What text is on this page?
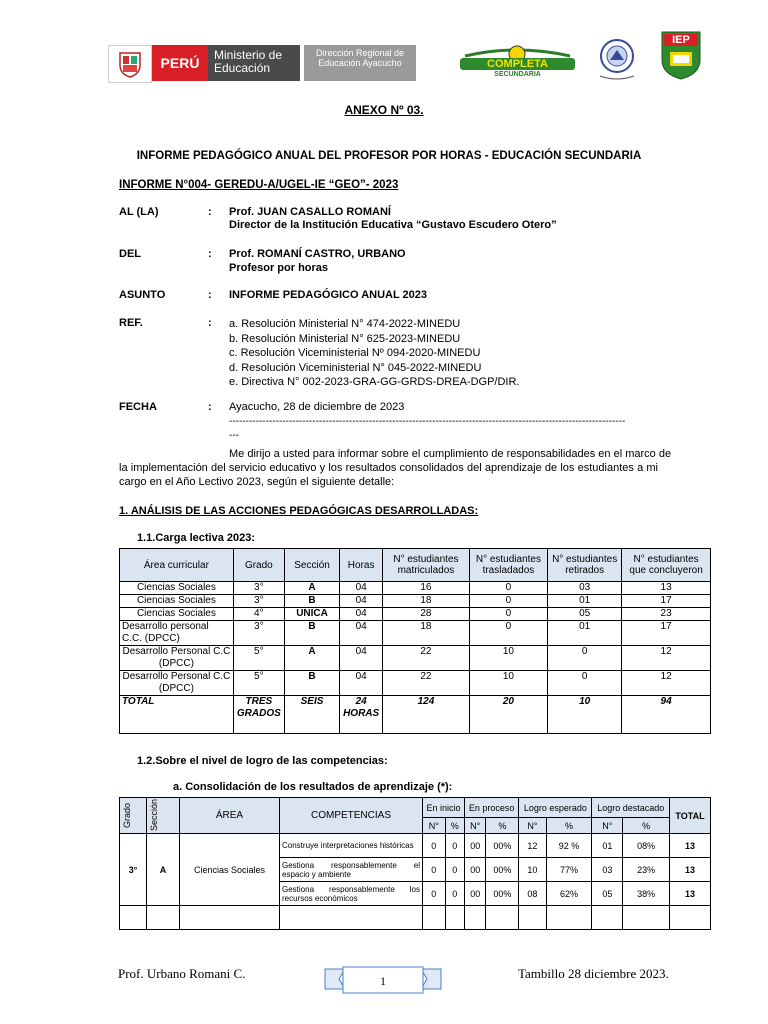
PERÚ	Ministerio de Educación
Dirección Regional de Educación Ayacucho	COMPLETA
SECUNDARIA
IEP
ANEXO Nº 03.
INFORME PEDAGÓGICO ANUAL DEL PROFESOR POR HORAS - EDUCACIÓN SECUNDARIA
INFORME N°004- GEREDU-A/UGEL-IE “GEO”- 2023
AL (LA)	: Prof. JUAN CASALLO ROMANÍ
Director de la Institución Educativa “Gustavo Escudero Otero”
DEL	: Prof. ROMANÍ CASTRO, URBANO
Profesor por horas
ASUNTO	: INFORME PEDAGÓGICO ANUAL 2023
REF.	: a. Resolución Ministerial N° 474-2022-MINEDU
b. Resolución Ministerial N° 625-2023-MINEDU
c. Resolución Viceministerial Nº 094-2020-MINEDU
d. Resolución Viceministerial N° 045-2022-MINEDU
e. Directiva N° 002-2023-GRA-GG-GRDS-DREA-DGP/DIR.
FECHA	: Ayacucho, 28 de diciembre de 2023
-----------------------------------------------------------------------------------------------------------------------
---
Me dirijo a usted para informar sobre el cumplimiento de responsabilidades en el marco de
la implementación del servicio educativo y los resultados consolidados del aprendizaje de los estudiantes a mi
cargo en el Año Lectivo 2023, según el siguiente detalle:
1. ANÁLISIS DE LAS ACCIONES PEDAGÓGICAS DESARROLLADAS:
1.1.Carga lectiva 2023:
Área curricular	Grado	Sección	Horas	N° estudiantes matriculados	N° estudiantes trasladados	N° estudiantes retirados	N° estudiantes que concluyeron
Ciencias Sociales	3°	A	04	16	0	03	13
Ciencias Sociales	3°	B	04	18	0	01	17
Ciencias Sociales	4°	UNICA	04	28	0	05	23
Desarrollo personal C.C. (DPCC)	3°	B	04	18	0	01	17
Desarrollo Personal C.C (DPCC)	5°	A	04	22	10	0	12
Desarrollo Personal C.C (DPCC)	5°	B	04	22	10	0	12
TOTAL	TRES GRADOS	SEIS	24 HORAS	124	20	10	94
1.2.Sobre el nivel de logro de las competencias:
a. Consolidación de los resultados de aprendizaje (*):
Grado	Sección	ÁREA	COMPETENCIAS	En inicio		En proceso		Logro esperado		Logro destacado		TOTAL
				N°	%	N°	%	N°	%	N°	%	
3°	A	Ciencias Sociales	Construye interpretaciones históricas	0	0	00	00%	12	92 %	01	08%	13
			Gestiona responsablemente el espacio y ambiente	0	0	00	00%	10	77%	03	23%	13
			Gestiona responsablemente los recursos económicos	0	0	00	00%	08	62%	05	38%	13

Prof. Urbano Romani C.	1	Tambillo 28 diciembre 2023.
